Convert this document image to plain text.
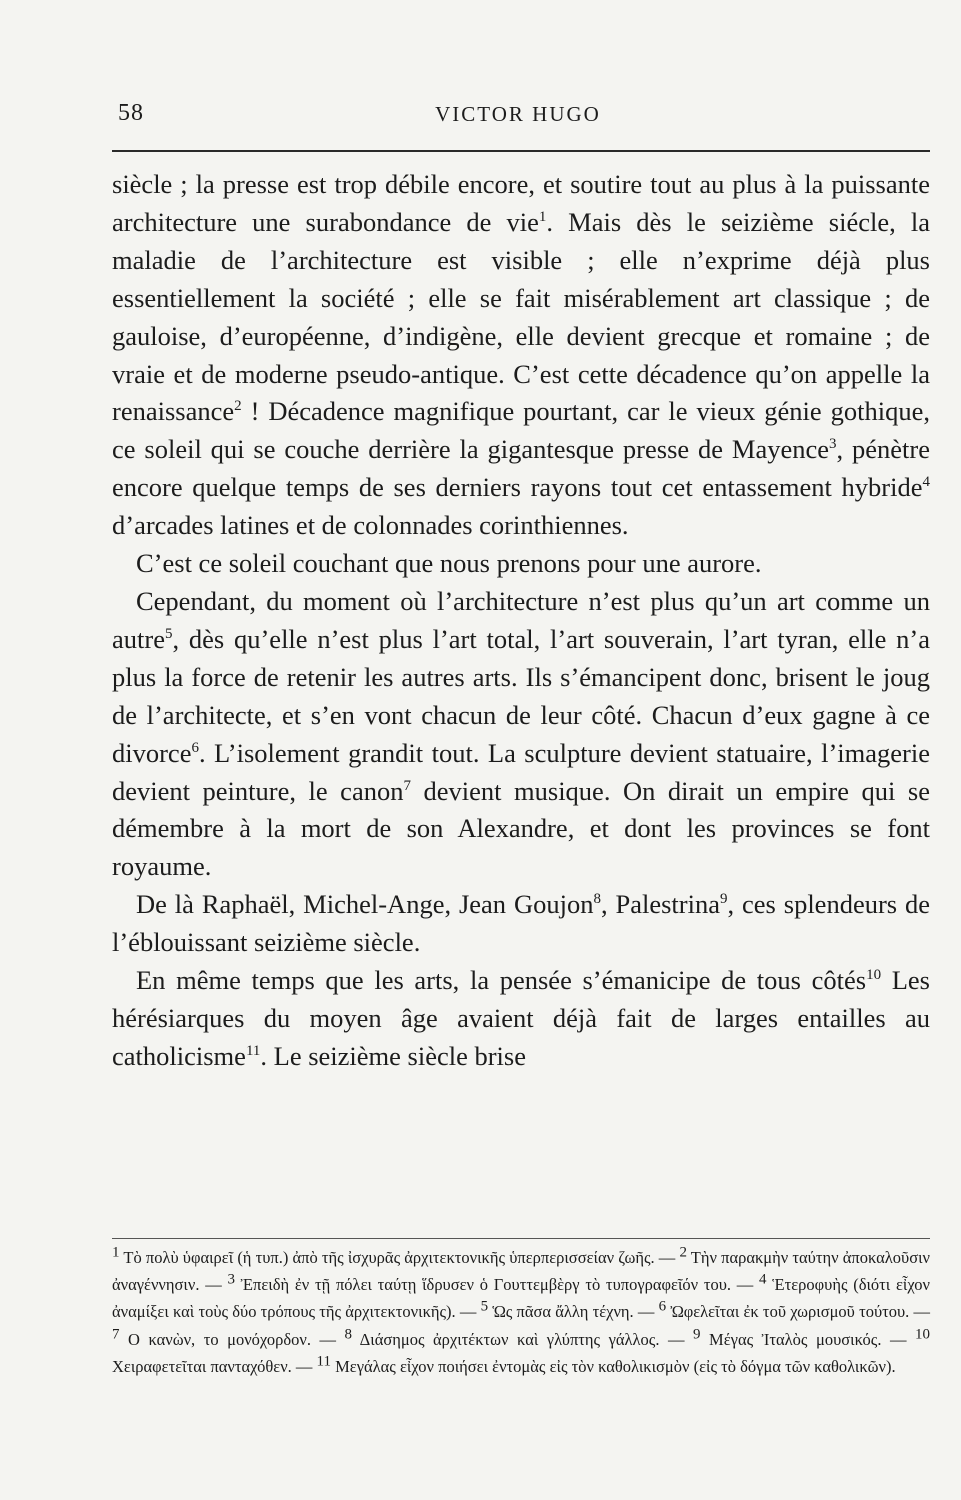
58	VICTOR HUGO

siècle ; la presse est trop débile encore, et soutire tout au plus à la puissante architecture une surabondance de vie$^1$. Mais dès le seizième siécle, la maladie de l’architecture est visible ; elle n’exprime déjà plus essentiellement la société ; elle se fait misérablement art classique ; de gauloise, d’européenne, d’indigène, elle devient grecque et romaine ; de vraie et de moderne pseudo-antique. C’est cette décadence qu’on appelle la renaissance$^2$ ! Décadence magnifique pourtant, car le vieux génie gothique, ce soleil qui se couche derrière la gigantesque presse de Mayence$^3$, pénètre encore quelque temps de ses derniers rayons tout cet entassement hybride$^4$ d’arcades latines et de colonnades corinthiennes.

C’est ce soleil couchant que nous prenons pour une aurore.

Cependant, du moment où l’architecture n’est plus qu’un art comme un autre$^5$, dès qu’elle n’est plus l’art total, l’art souverain, l’art tyran, elle n’a plus la force de retenir les autres arts. Ils s’émancipent donc, brisent le joug de l’architecte, et s’en vont chacun de leur côté. Chacun d’eux gagne à ce divorce$^6$. L’isolement grandit tout. La sculpture devient statuaire, l’imagerie devient peinture, le canon$^7$ devient musique. On dirait un empire qui se démembre à la mort de son Alexandre, et dont les provinces se font royaume.

De là Raphaël, Michel-Ange, Jean Goujon$^8$, Palestrina$^9$, ces splendeurs de l’éblouissant seizième siècle.

En même temps que les arts, la pensée s’émanicipe de tous côtés$^{10}$ Les hérésiarques du moyen âge avaient déjà fait de larges entailles au catholicisme$^{11}$. Le seizième siècle brise

$^1$ Τὸ πολὺ ὑφαιρεῖ (ἡ τυπ.) ἀπὸ τῆς ἰσχυρᾶς ἀρχιτεκτονικῆς ὑπερπερισσείαν ζωῆς. — $^2$ Τὴν παρακμὴν ταύτην ἀποκαλοῦσιν ἀναγέννησιν. — $^3$ Ἐπειδὴ ἐν τῇ πόλει ταύτῃ ἵδρυσεν ὁ Γουττεμβὲργ τὸ τυπογραφεῖόν του. — $^4$ Ἑτεροφυὴς (διότι εἶχον ἀναμίξει καὶ τοὺς δύο τρόπους τῆς ἀρχιτεκτονικῆς). — $^5$ Ὡς πᾶσα ἄλλη τέχνη. — $^6$ Ὠφελεῖται ἐκ τοῦ χωρισμοῦ τούτου. — $^7$ Ο κανὼν, το μονόχορδον. — $^8$ Διάσημος ἀρχιτέκτων καὶ γλύπτης γάλλος. — $^9$ Μέγας Ἰταλὸς μουσικός. — $^{10}$ Χειραφετεῖται πανταχόθεν. — $^{11}$ Μεγάλας εἶχον ποιήσει ἐντομὰς εἰς τὸν καθολικισμὸν (εἰς τὸ δόγμα τῶν καθολικῶν).
